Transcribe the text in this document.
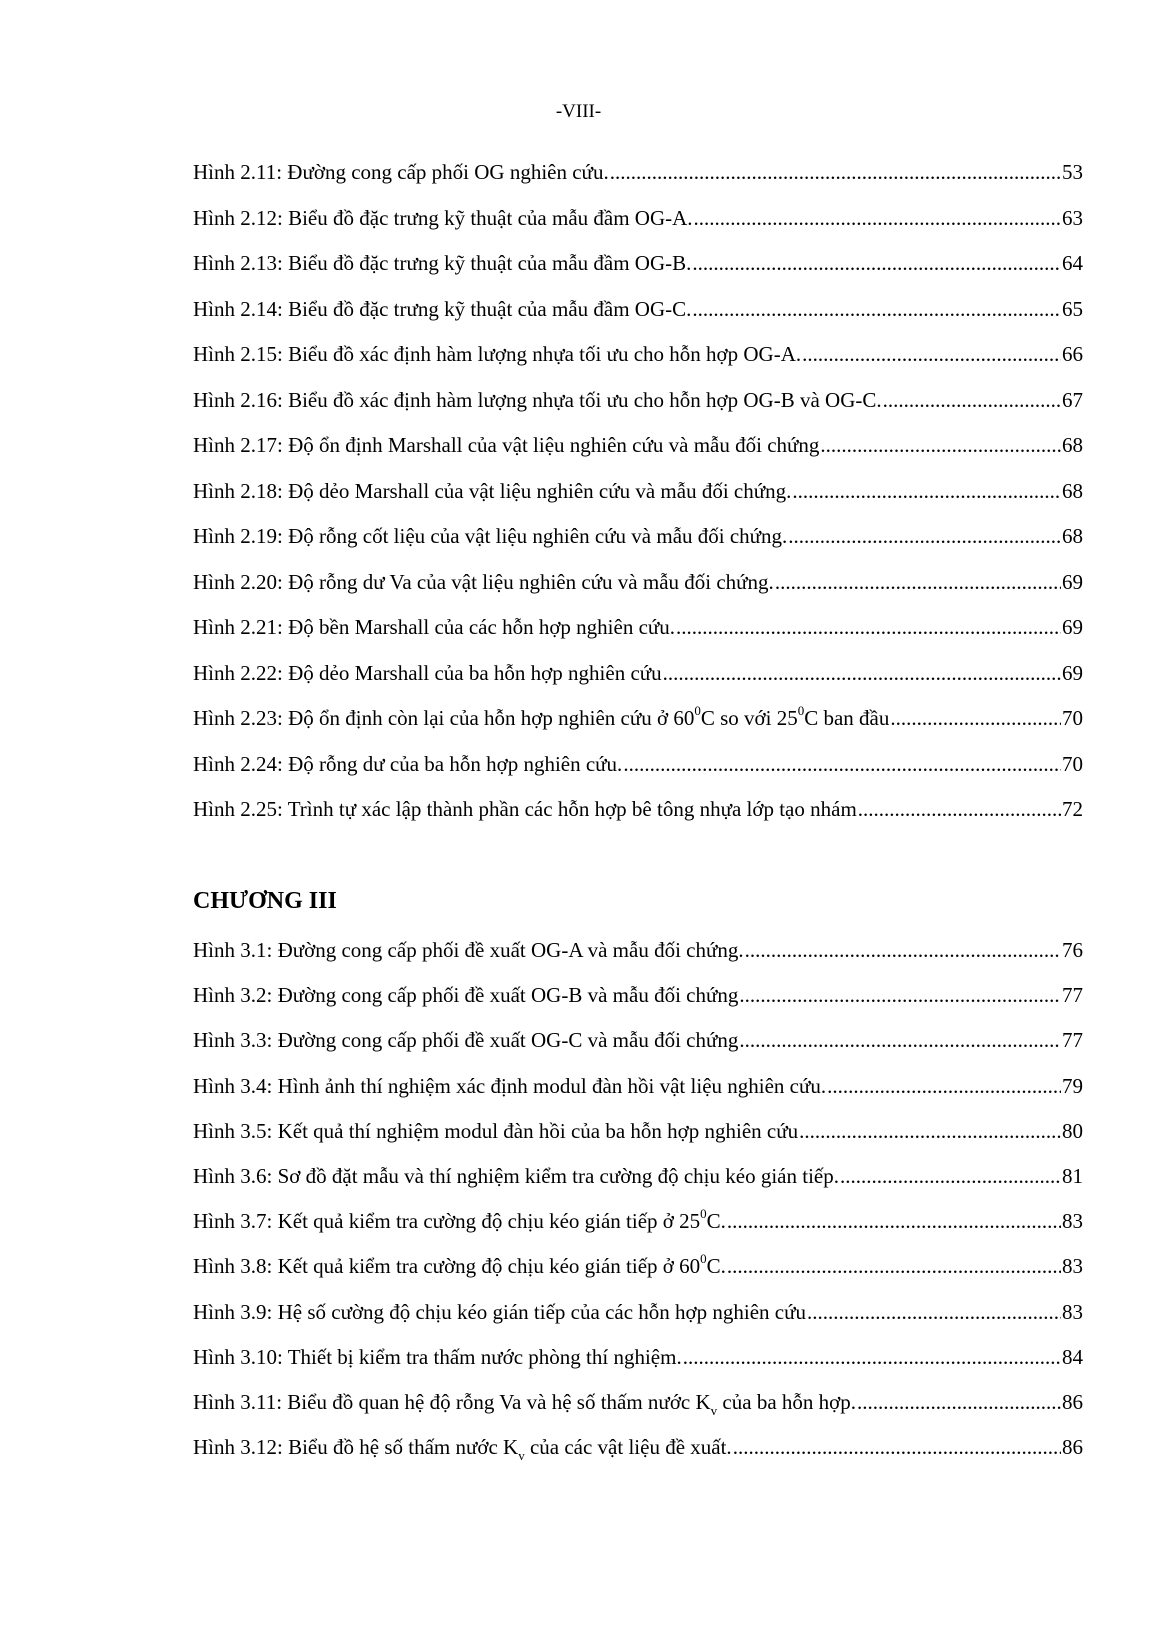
-VIII-
Hình 2.11: Đường cong cấp phối OG nghiên cứu. .....	53
Hình 2.12: Biểu đồ đặc trưng kỹ thuật của mẫu đầm OG-A. .....	63
Hình 2.13: Biểu đồ đặc trưng kỹ thuật của mẫu đầm OG-B. .....	64
Hình 2.14: Biểu đồ đặc trưng kỹ thuật của mẫu đầm OG-C. .....	65
Hình 2.15: Biểu đồ xác định hàm lượng nhựa tối ưu cho hỗn hợp OG-A. .....	66
Hình 2.16: Biểu đồ xác định hàm lượng nhựa tối ưu cho hỗn hợp OG-B và OG-C. .....	67
Hình 2.17: Độ ổn định Marshall của vật liệu nghiên cứu và mẫu đối chứng .....	68
Hình 2.18: Độ dẻo Marshall của vật liệu nghiên cứu và mẫu đối chứng. .....	68
Hình 2.19: Độ rỗng cốt liệu của vật liệu nghiên cứu và mẫu đối chứng. .....	68
Hình 2.20: Độ rỗng dư Va của vật liệu nghiên cứu và mẫu đối chứng. .....	69
Hình 2.21: Độ bền Marshall của các hỗn hợp nghiên cứu. .....	69
Hình 2.22: Độ dẻo Marshall của ba hỗn hợp nghiên cứu .....	69
Hình 2.23: Độ ổn định còn lại của hỗn hợp nghiên cứu ở $60^0C$ so với $25^0C$ ban đầu .....	70
Hình 2.24: Độ rỗng dư của ba hỗn hợp nghiên cứu. .....	70
Hình 2.25: Trình tự xác lập thành phần các hỗn hợp bê tông nhựa lớp tạo nhám .....	72
CHƯƠNG III
Hình 3.1: Đường cong cấp phối đề xuất OG-A và mẫu đối chứng. .....	76
Hình 3.2: Đường cong cấp phối đề xuất OG-B và mẫu đối chứng .....	77
Hình 3.3: Đường cong cấp phối đề xuất OG-C và mẫu đối chứng .....	77
Hình 3.4: Hình ảnh thí nghiệm xác định modul đàn hồi vật liệu nghiên cứu. .....	79
Hình 3.5: Kết quả thí nghiệm modul đàn hồi của ba hỗn hợp nghiên cứu .....	80
Hình 3.6: Sơ đồ đặt mẫu và thí nghiệm kiểm tra cường độ chịu kéo gián tiếp. .....	81
Hình 3.7: Kết quả kiểm tra cường độ chịu kéo gián tiếp ở $25^0C$. .....	83
Hình 3.8: Kết quả kiểm tra cường độ chịu kéo gián tiếp ở $60^0C$. .....	83
Hình 3.9: Hệ số cường độ chịu kéo gián tiếp của các hỗn hợp nghiên cứu .....	83
Hình 3.10: Thiết bị kiểm tra thấm nước phòng thí nghiệm. .....	84
Hình 3.11: Biểu đồ quan hệ độ rỗng Va và hệ số thấm nước $K_v$ của ba hỗn hợp. .....	86
Hình 3.12: Biểu đồ hệ số thấm nước $K_v$ của các vật liệu đề xuất. .....	86
